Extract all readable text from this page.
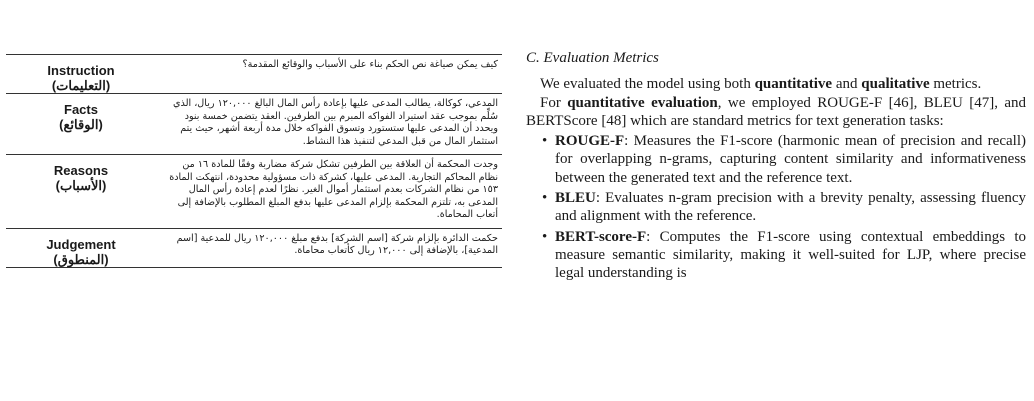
Instruction
(التعليمات)	كيف يمكن صياغة نص الحكم بناء على الأسباب والوقائع المقدمة؟

Facts
(الوقائع)	المدعي، كوكالة، يطالب المدعى عليها بإعادة رأس المال البالغ ١٢٠,٠٠٠ ريال، الذي سُلِّم بموجب عقد استيراد الفواكه المبرم بين الطرفين. العقد يتضمن خمسة بنود ويحدد أن المدعى عليها ستستورد وتسوق الفواكه خلال مدة أربعة أشهر، حيث يتم استثمار المال من قبل المدعي لتنفيذ هذا النشاط.

Reasons
(الأسباب)	وجدت المحكمة أن العلاقة بين الطرفين تشكل شركة مضاربة وفقًا للمادة ١٦ من نظام المحاكم التجارية. المدعى عليها، كشركة ذات مسؤولية محدودة، انتهكت المادة ١٥٣ من نظام الشركات بعدم استثمار أموال الغير. نظرًا لعدم إعادة رأس المال المدعى به، تلتزم المحكمة بإلزام المدعى عليها بدفع المبلغ المطلوب بالإضافة إلى أتعاب المحاماة.

Judgement
(المنطوق)	حكمت الدائرة بإلزام شركة [اسم الشركة] بدفع مبلغ ١٢٠,٠٠٠ ريال للمدعية [اسم المدعية]، بالإضافة إلى ١٢,٠٠٠ ريال كأتعاب محاماة.

C. Evaluation Metrics

We evaluated the model using both quantitative and qualitative metrics.

For quantitative evaluation, we employed ROUGE-F [46], BLEU [47], and BERTScore [48] which are standard metrics for text generation tasks:

• ROUGE-F: Measures the F1-score (harmonic mean of precision and recall) for overlapping n-grams, capturing content similarity and informativeness between the generated text and the reference text.
• BLEU: Evaluates n-gram precision with a brevity penalty, assessing fluency and alignment with the reference.
• BERT-score-F: Computes the F1-score using contextual embeddings to measure semantic similarity, making it well-suited for LJP, where precise legal understanding is
